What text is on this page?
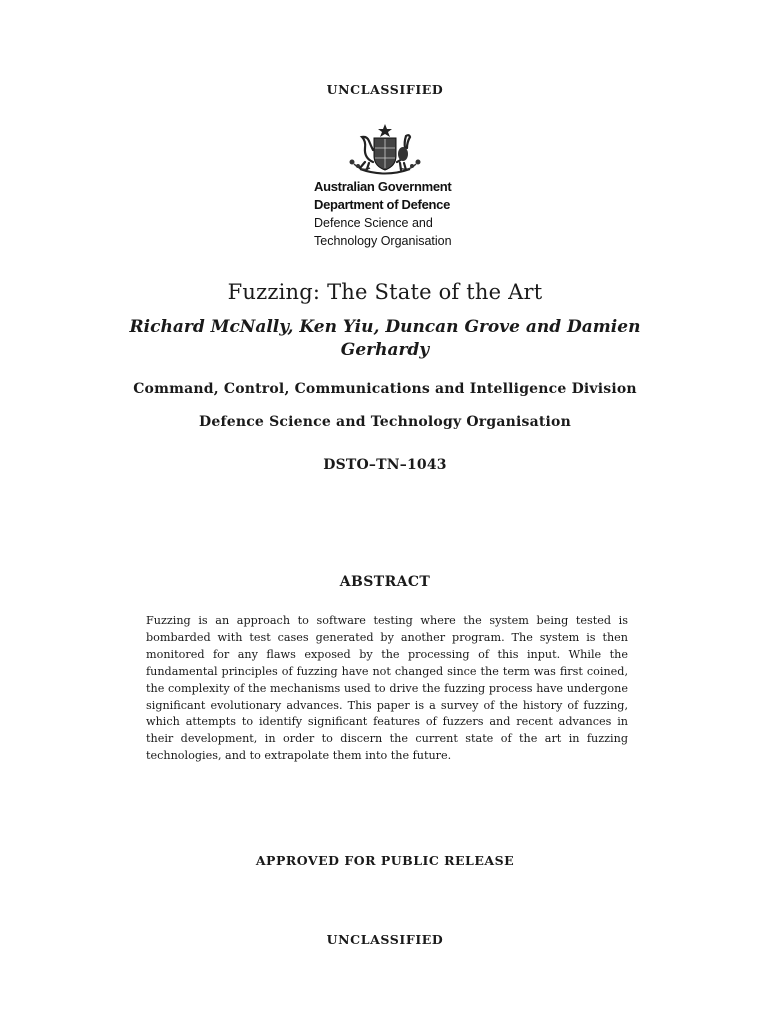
UNCLASSIFIED
Australian Government
Department of Defence
Defence Science and
Technology Organisation
Fuzzing: The State of the Art
Richard McNally, Ken Yiu, Duncan Grove and Damien Gerhardy
Command, Control, Communications and Intelligence Division
Defence Science and Technology Organisation
DSTO–TN–1043
ABSTRACT
Fuzzing is an approach to software testing where the system being tested is bombarded with test cases generated by another program. The system is then monitored for any flaws exposed by the processing of this input. While the fundamental principles of fuzzing have not changed since the term was first coined, the complexity of the mechanisms used to drive the fuzzing process have undergone significant evolutionary advances. This paper is a survey of the history of fuzzing, which attempts to identify significant features of fuzzers and recent advances in their development, in order to discern the current state of the art in fuzzing technologies, and to extrapolate them into the future.
APPROVED FOR PUBLIC RELEASE
UNCLASSIFIED
